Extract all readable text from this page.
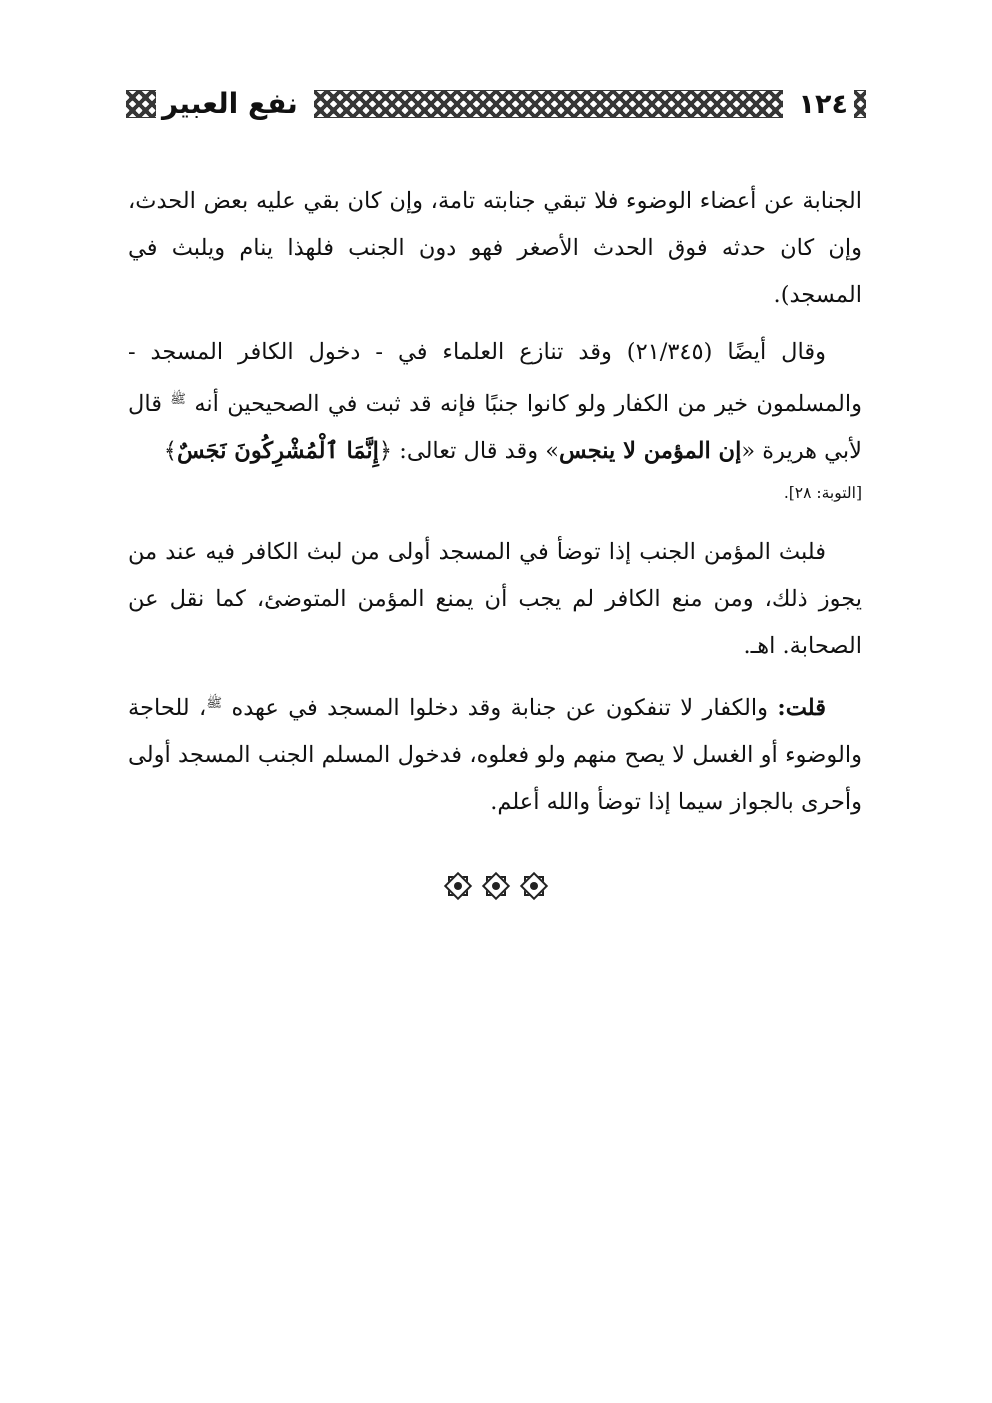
١٢٤
نفع العبير

الجنابة عن أعضاء الوضوء فلا تبقي جنابته تامة، وإن كان بقي عليه بعض الحدث، وإن كان حدثه فوق الحدث الأصغر فهو دون الجنب فلهذا ينام ويلبث في المسجد).

وقال أيضًا (٢١/٣٤٥) وقد تنازع العلماء في - دخول الكافر المسجد - والمسلمون خير من الكفار ولو كانوا جنبًا فإنه قد ثبت في الصحيحين أنه $^ﷺ$ قال لأبي هريرة «إن المؤمن لا ينجس» وقد قال تعالى: ﴿إِنَّمَا ٱلْمُشْرِكُونَ نَجَسٌ﴾

[التوبة: ٢٨].

فلبث المؤمن الجنب إذا توضأ في المسجد أولى من لبث الكافر فيه عند من يجوز ذلك، ومن منع الكافر لم يجب أن يمنع المؤمن المتوضئ، كما نقل عن الصحابة. اهـ.

قلت: والكفار لا تنفكون عن جنابة وقد دخلوا المسجد في عهده $^ﷺ$، للحاجة والوضوء أو الغسل لا يصح منهم ولو فعلوه، فدخول المسلم الجنب المسجد أولى وأحرى بالجواز سيما إذا توضأ والله أعلم.
